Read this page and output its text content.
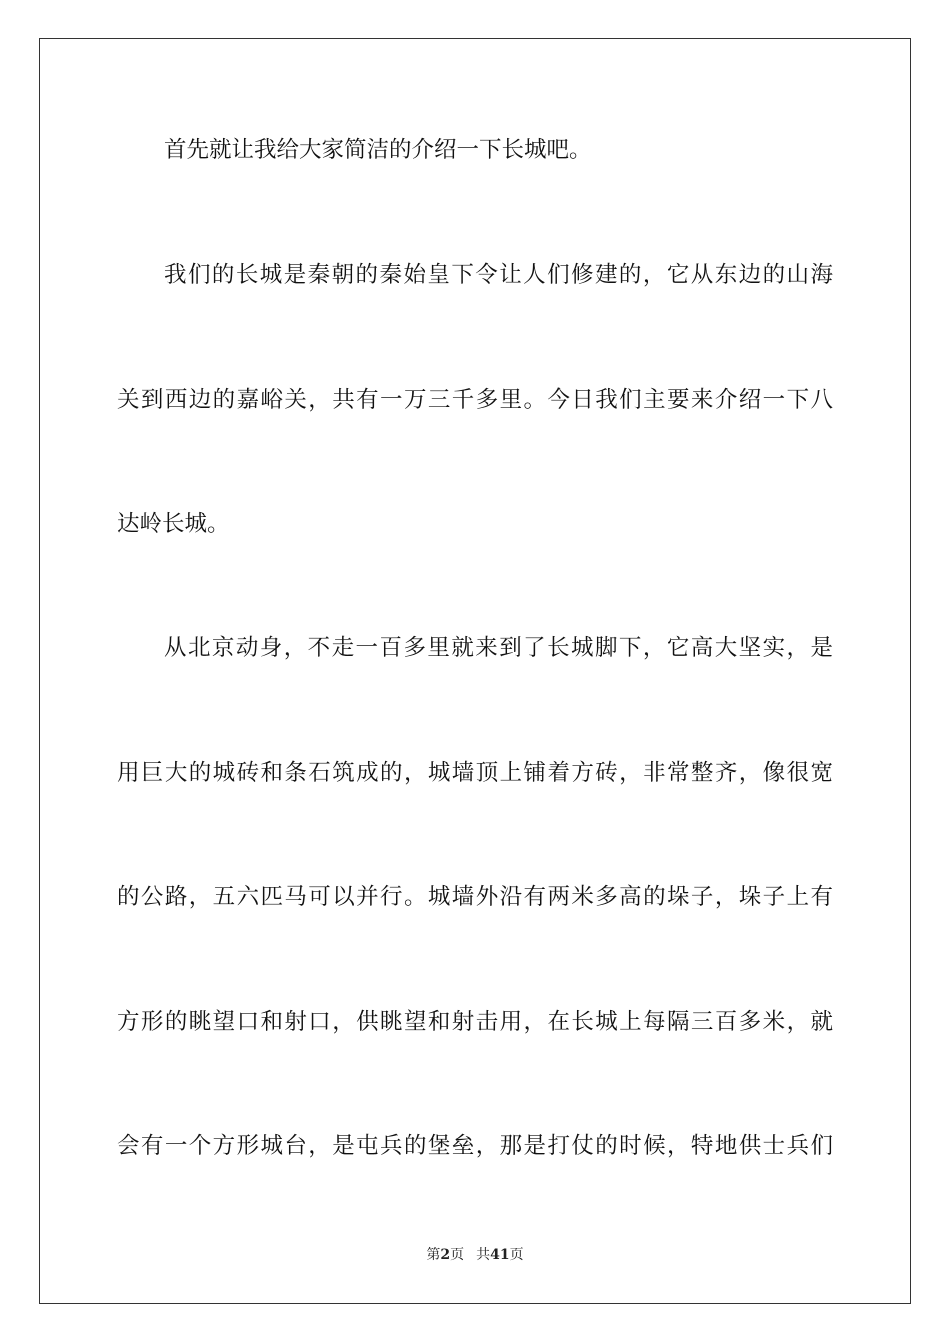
首先就让我给大家简洁的介绍一下长城吧。
我们的长城是秦朝的秦始皇下令让人们修建的，它从东边的山海
关到西边的嘉峪关，共有一万三千多里。今日我们主要来介绍一下八
达岭长城。
从北京动身，不走一百多里就来到了长城脚下，它高大坚实，是
用巨大的城砖和条石筑成的，城墙顶上铺着方砖，非常整齐，像很宽
的公路，五六匹马可以并行。城墙外沿有两米多高的垛子，垛子上有
方形的眺望口和射口，供眺望和射击用，在长城上每隔三百多米，就
会有一个方形城台，是屯兵的堡垒，那是打仗的时候，特地供士兵们
第2页 共41页
